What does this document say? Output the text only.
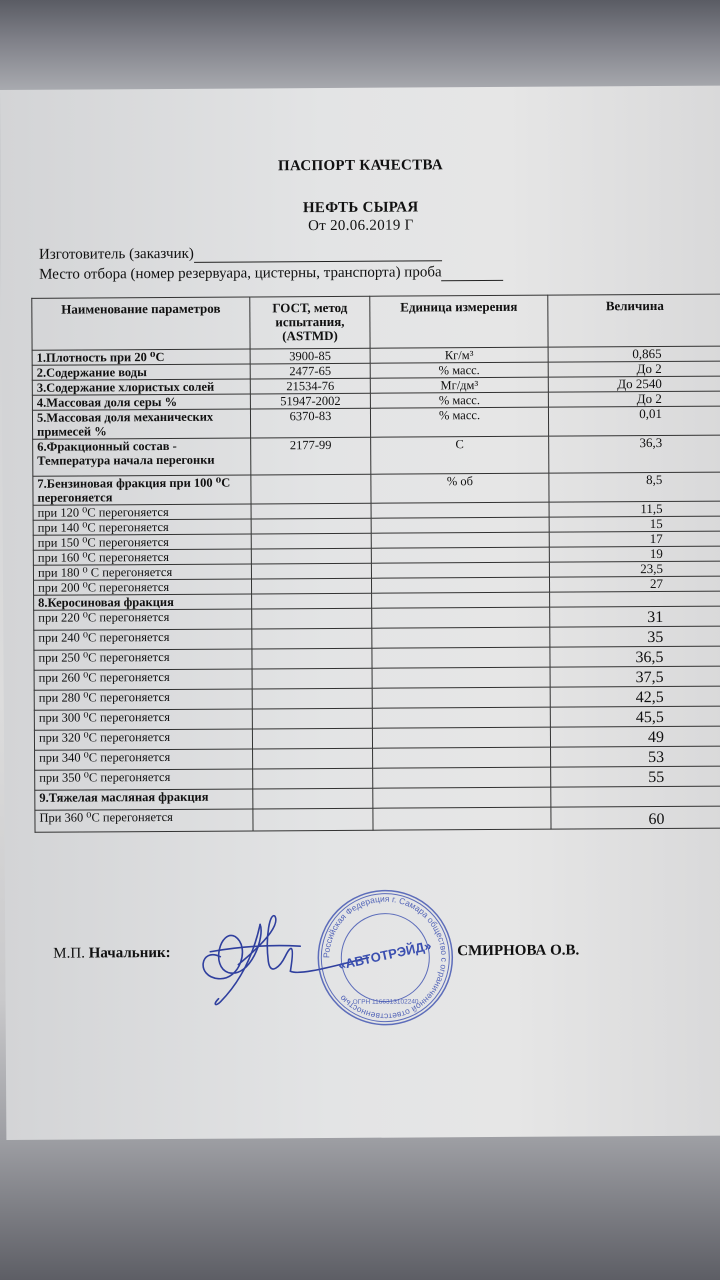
ПАСПОРТ КАЧЕСТВА
НЕФТЬ СЫРАЯ
От 20.06.2019 Г
Изготовитель (заказчик)
Место отбора (номер резервуара, цистерны, транспорта) проба
Наименование параметров	ГОСТ, метод испытания, (ASTMD)	Единица измерения	Величина
1.Плотность при 20 ⁰С	3900-85	Кг/м³	0,865
2.Содержание воды	2477-65	% масс.	До 2
3.Содержание хлористых солей	21534-76	Мг/дм³	До 2540
4.Массовая доля серы %	51947-2002	% масс.	До 2
5.Массовая доля механических примесей %	6370-83	% масс.	0,01
6.Фракционный состав - Температура начала перегонки	2177-99	С	36,3
7.Бензиновая фракция при 100 ⁰С перегоняется		% об	8,5
при 120 ⁰С перегоняется			11,5
при 140 ⁰С перегоняется			15
при 150 ⁰С перегоняется			17
при 160 ⁰С перегоняется			19
при 180 ⁰ С перегоняется			23,5
при 200 ⁰С перегоняется			27
8.Керосиновая фракция			
при 220 ⁰С перегоняется			31
при 240 ⁰С перегоняется			35
при 250 ⁰С перегоняется			36,5
при 260 ⁰С перегоняется			37,5
при 280 ⁰С перегоняется			42,5
при 300 ⁰С перегоняется			45,5
при 320 ⁰С перегоняется			49
при 340 ⁰С перегоняется			53
при 350 ⁰С перегоняется			55
9.Тяжелая масляная фракция			
При 360 ⁰С перегоняется			60
Российская Федерация г. Самара общество с ограниченной ответственностью
«АВТОТРЭЙД»
ОГРН 1166313102240
М.П. Начальник:	СМИРНОВА О.В.
